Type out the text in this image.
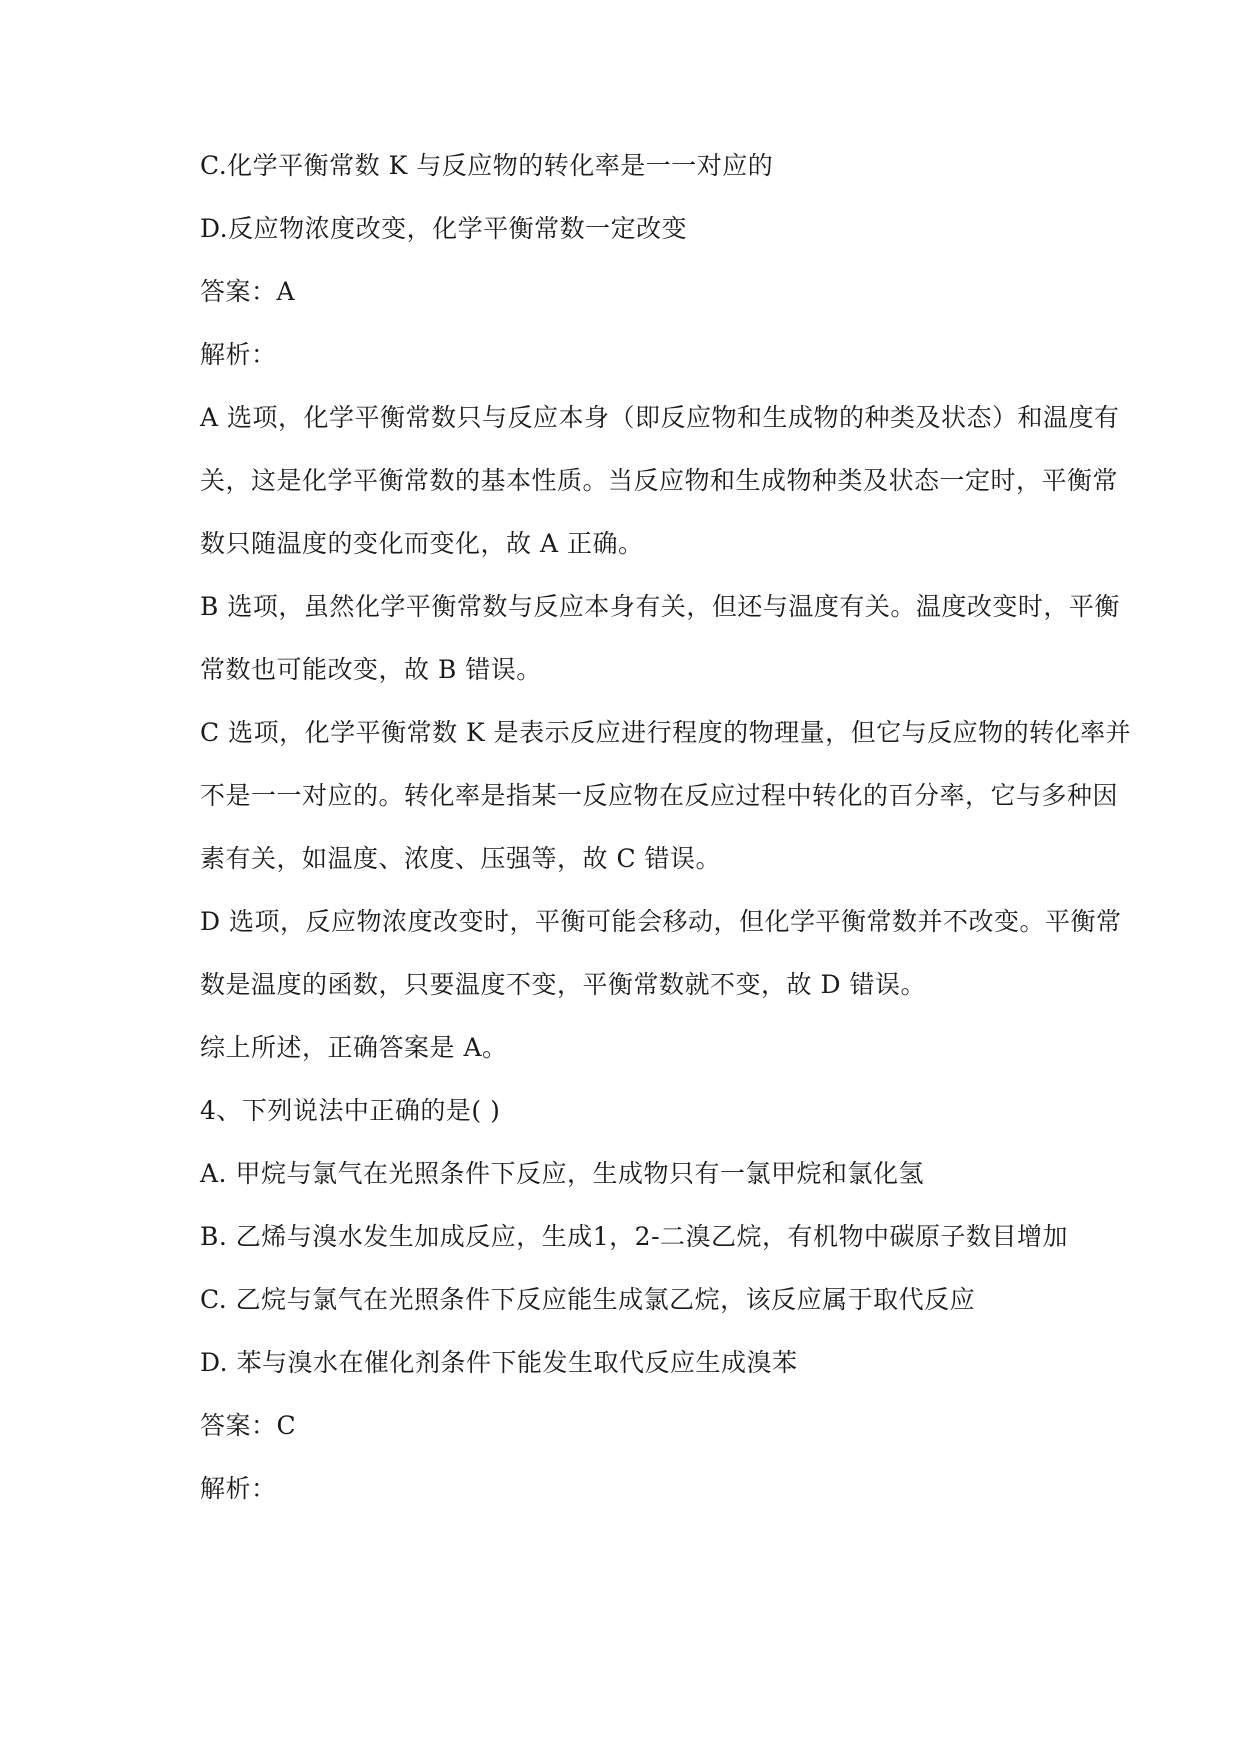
C.化学平衡常数 K 与反应物的转化率是一一对应的
D.反应物浓度改变，化学平衡常数一定改变
答案：A
解析：
A 选项，化学平衡常数只与反应本身（即反应物和生成物的种类及状态）和温度有
关，这是化学平衡常数的基本性质。当反应物和生成物种类及状态一定时，平衡常
数只随温度的变化而变化，故 A 正确。
B 选项，虽然化学平衡常数与反应本身有关，但还与温度有关。温度改变时，平衡
常数也可能改变，故 B 错误。
C 选项，化学平衡常数 K 是表示反应进行程度的物理量，但它与反应物的转化率并
不是一一对应的。转化率是指某一反应物在反应过程中转化的百分率，它与多种因
素有关，如温度、浓度、压强等，故 C 错误。
D 选项，反应物浓度改变时，平衡可能会移动，但化学平衡常数并不改变。平衡常
数是温度的函数，只要温度不变，平衡常数就不变，故 D 错误。
综上所述，正确答案是 A。
4、下列说法中正确的是( )
A. 甲烷与氯气在光照条件下反应，生成物只有一氯甲烷和氯化氢
B. 乙烯与溴水发生加成反应，生成1，2-二溴乙烷，有机物中碳原子数目增加
C. 乙烷与氯气在光照条件下反应能生成氯乙烷，该反应属于取代反应
D. 苯与溴水在催化剂条件下能发生取代反应生成溴苯
答案：C
解析：
